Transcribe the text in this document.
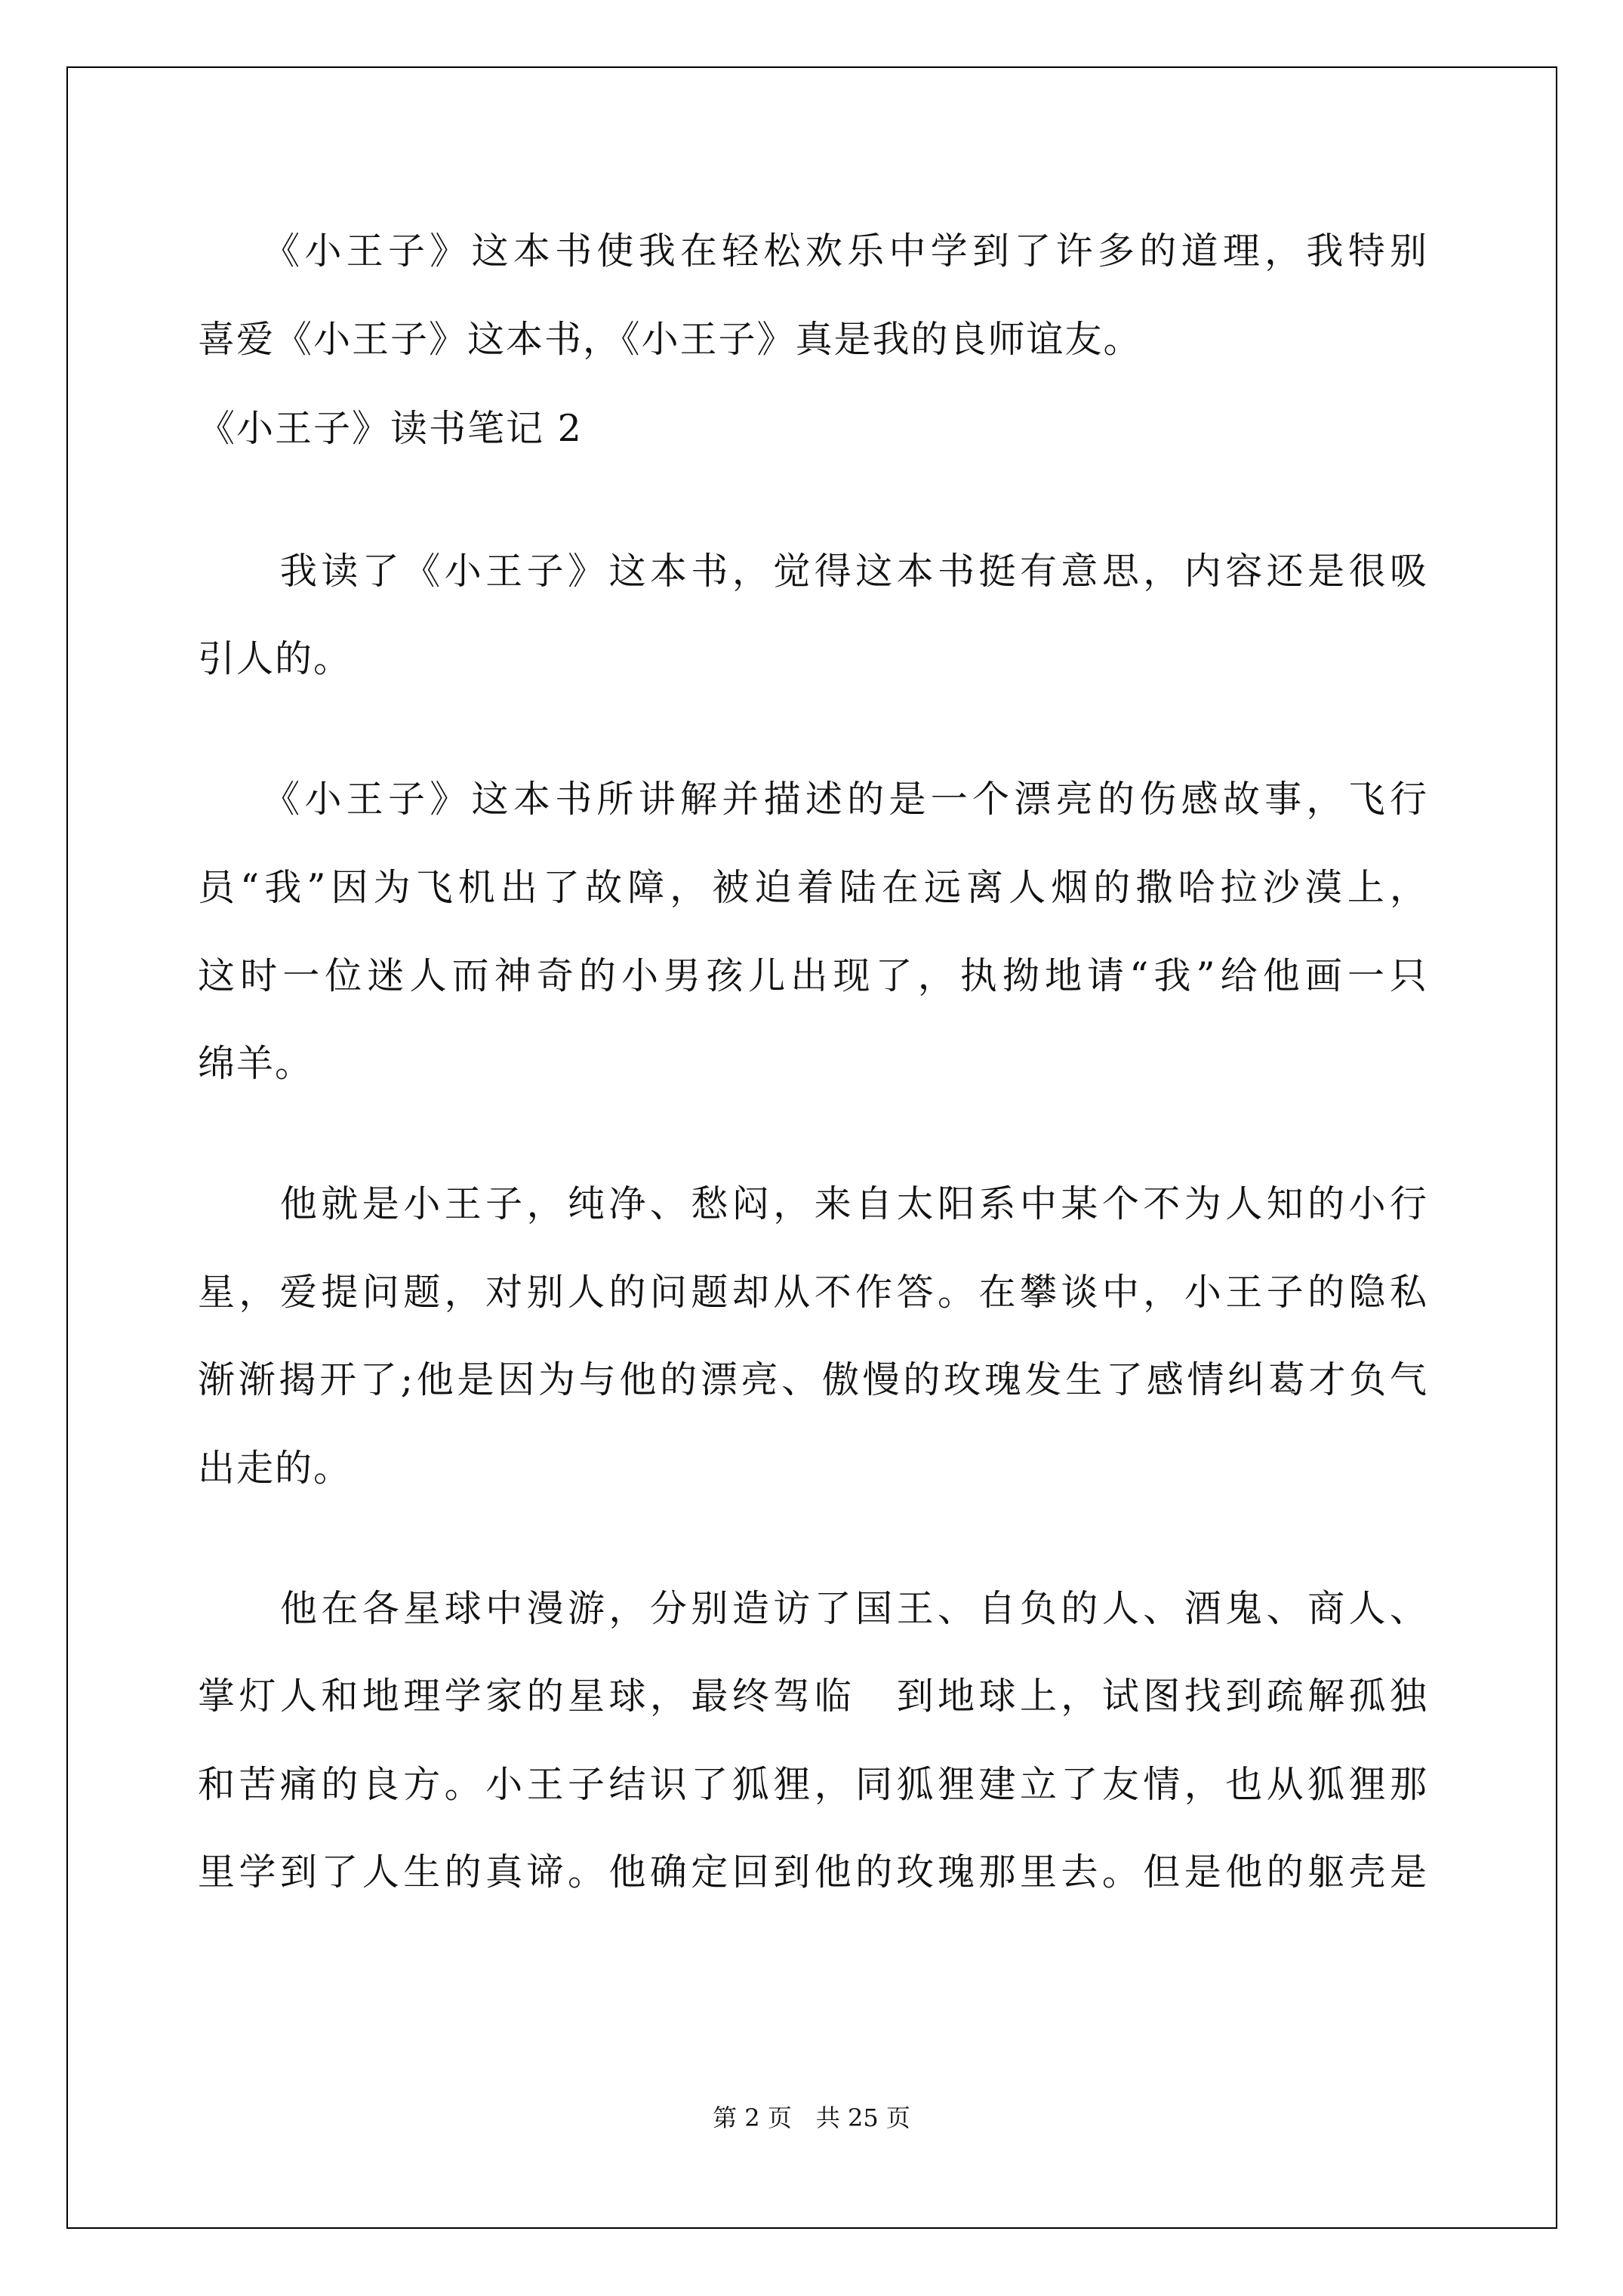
　　《小王子》这本书使我在轻松欢乐中学到了许多的道理，我特别
喜爱《小王子》这本书，《小王子》真是我的良师谊友。
《小王子》读书笔记 2
　　我读了《小王子》这本书，觉得这本书挺有意思，内容还是很吸
引人的。
　　《小王子》这本书所讲解并描述的是一个漂亮的伤感故事，飞行
员“我”因为飞机出了故障，被迫着陆在远离人烟的撒哈拉沙漠上，
这时一位迷人而神奇的小男孩儿出现了，执拗地请“我”给他画一只
绵羊。
　　他就是小王子，纯净、愁闷，来自太阳系中某个不为人知的小行
星，爱提问题，对别人的问题却从不作答。在攀谈中，小王子的隐私
渐渐揭开了;他是因为与他的漂亮、傲慢的玫瑰发生了感情纠葛才负气
出走的。
　　他在各星球中漫游，分别造访了国王、自负的人、酒鬼、商人、
掌灯人和地理学家的星球，最终驾临　到地球上，试图找到疏解孤独
和苦痛的良方。小王子结识了狐狸，同狐狸建立了友情，也从狐狸那
里学到了人生的真谛。他确定回到他的玫瑰那里去。但是他的躯壳是
第 2 页　共 25 页
